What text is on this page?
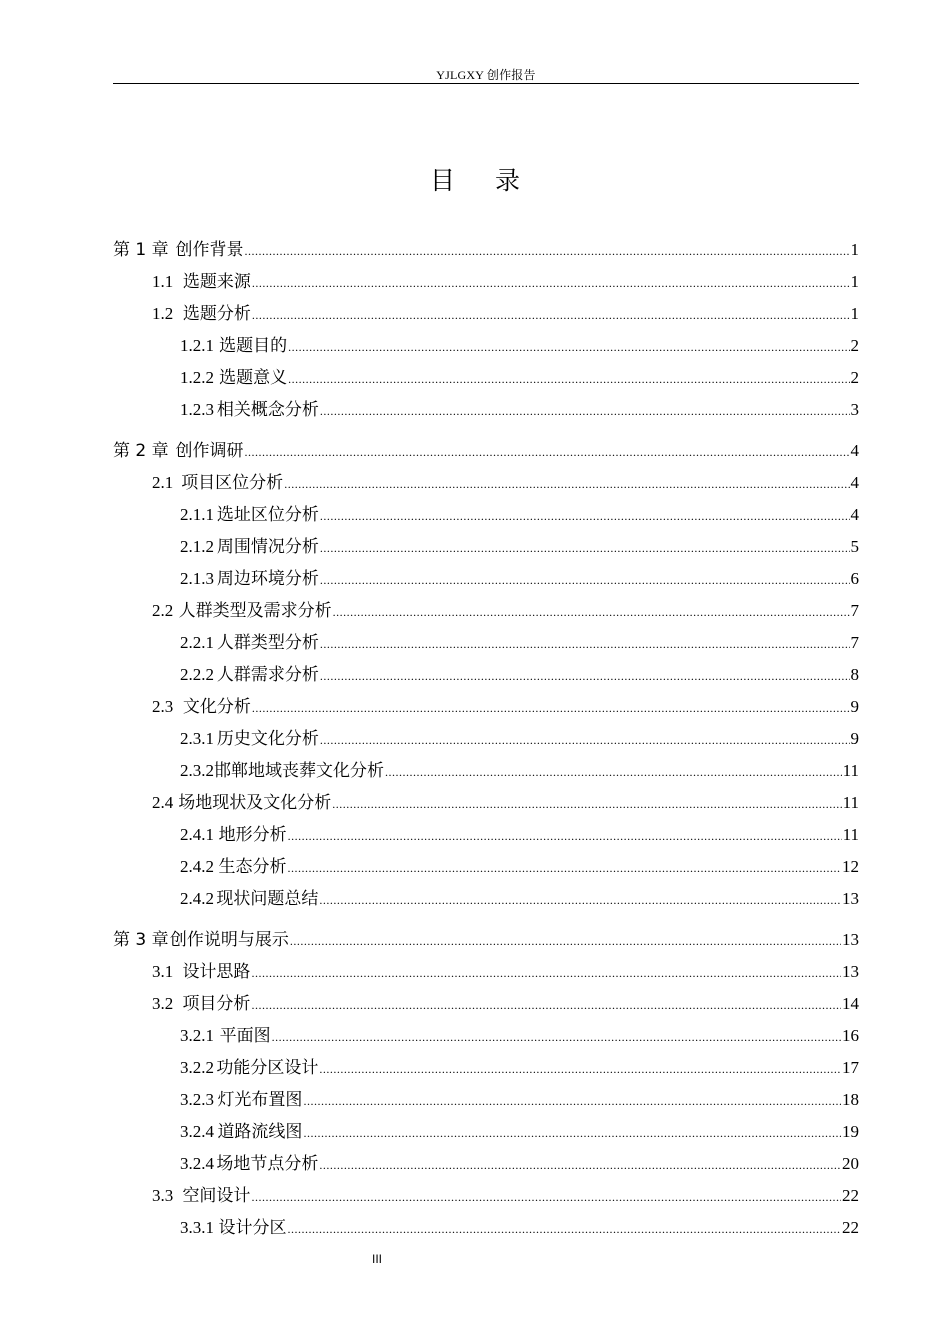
YJLGXY 创作报告
目录
第 1 章 创作背景 .....	1
1.1 选题来源 .....	1
1.2 选题分析 .....	1
1.2.1 选题目的 .....	2
1.2.2 选题意义 .....	2
1.2.3 相关概念分析 .....	3
第 2 章 创作调研 .....	4
2.1 项目区位分析 .....	4
2.1.1 选址区位分析 .....	4
2.1.2 周围情况分析 .....	5
2.1.3 周边环境分析 .....	6
2.2 人群类型及需求分析 .....	7
2.2.1 人群类型分析 .....	7
2.2.2 人群需求分析 .....	8
2.3 文化分析 .....	9
2.3.1 历史文化分析 .....	9
2.3.2 邯郸地域丧葬文化分析 .....	11
2.4 场地现状及文化分析 .....	11
2.4.1 地形分析 .....	11
2.4.2 生态分析 .....	12
2.4.2 现状问题总结 .....	13
第 3 章 创作说明与展示 .....	13
3.1 设计思路 .....	13
3.2 项目分析 .....	14
3.2.1 平面图 .....	16
3.2.2 功能分区设计 .....	17
3.2.3 灯光布置图 .....	18
3.2.4 道路流线图 .....	19
3.2.4 场地节点分析 .....	20
3.3 空间设计 .....	22
3.3.1 设计分区 .....	22
III
